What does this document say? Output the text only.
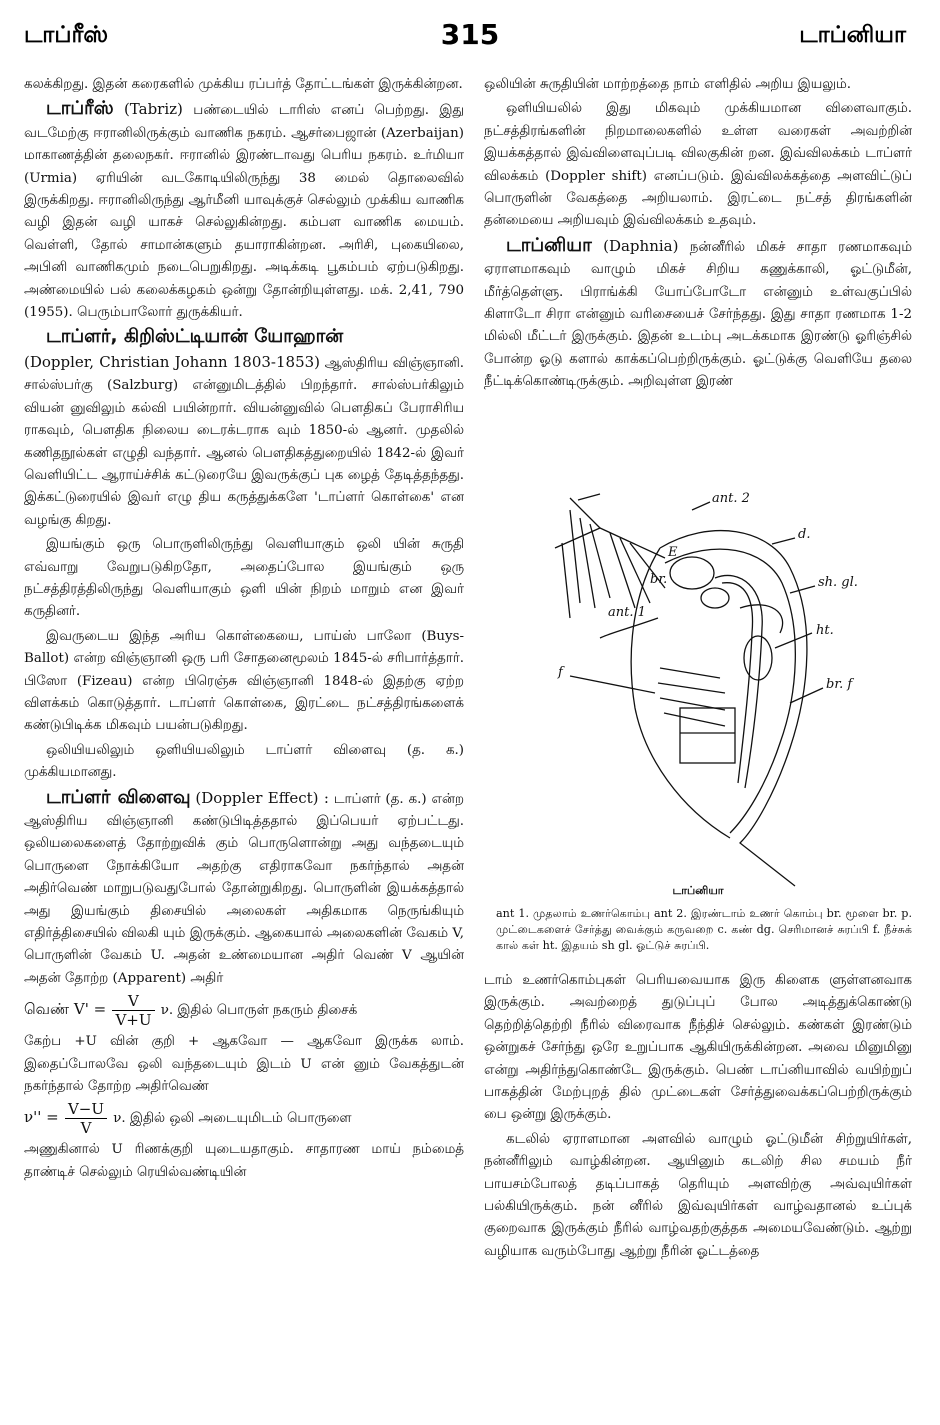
டாப்ரீஸ்	315	டாப்னியா

கலக்கிறது. இதன் கரைகளில் முக்கிய ரப்பர்த் தோட்டங்கள் இருக்கின்றன.

டாப்ரீஸ் (Tabriz) பண்டையில் டாரிஸ் எனப் பெற்றது. இது வடமேற்கு ஈரானிலிருக்கும் வாணிக நகரம். ஆசர்பைஜான் (Azerbaijan) மாகாணத்தின் தலைநகர். ஈரானில் இரண்டாவது பெரிய நகரம். உர்மியா (Urmia) ஏரியின் வடகோடியிலிருந்து 38 மைல் தொலைவில் இருக்கிறது. ஈரானிலிருந்து ஆர்மீனி யாவுக்குச் செல்லும் முக்கிய வாணிக வழி இதன் வழி யாகச் செல்லுகின்றது. கம்பள வாணிக மையம். வெள்ளி, தோல் சாமான்களும் தயாராகின்றன. அரிசி, புகையிலை, அபினி வாணிகமும் நடைபெறுகிறது. அடிக்கடி பூகம்பம் ஏற்படுகிறது. அண்மையில் பல் கலைக்கழகம் ஒன்று தோன்றியுள்ளது. மக். 2,41, 790 (1955). பெரும்பாலோர் துருக்கியர்.

டாப்ளர், கிறிஸ்ட்டியான் யோஹான்
(Doppler, Christian Johann 1803-1853) ஆஸ்திரிய விஞ்ஞானி. சால்ஸ்பர்கு (Salzburg) என்னுமிடத்தில் பிறந்தார். சால்ஸ்பர்கிலும் வியன் னுவிலும் கல்வி பயின்றார். வியன்னுவில் பௌதிகப் பேராசிரிய ராகவும், பௌதிக நிலைய டைரக்டராக வும் 1850-ல் ஆனர். முதலில் கணிதநூல்கள் எழுதி வந்தார். ஆனல் பௌதிகத்துறையில் 1842-ல் இவர் வெளியிட்ட ஆராய்ச்சிக் கட்டுரையே இவருக்குப் புக ழைத் தேடித்தந்தது. இக்கட்டுரையில் இவர் எழு திய கருத்துக்களே 'டாப்ளர் கொள்கை' என வழங்கு கிறது.

இயங்கும் ஒரு பொருளிலிருந்து வெளியாகும் ஒலி யின் சுருதி எவ்வாறு வேறுபடுகிறதோ, அதைப்போல இயங்கும் ஒரு நட்சத்திரத்திலிருந்து வெளியாகும் ஒளி யின் நிறம் மாறும் என இவர் கருதினர்.

இவருடைய இந்த அரிய கொள்கையை, பாய்ஸ் பாலோ (Buys-Ballot) என்ற விஞ்ஞானி ஒரு பரி சோதனைமூலம் 1845-ல் சரிபார்த்தார். பிஸோ (Fizeau) என்ற பிரெஞ்சு விஞ்ஞானி 1848-ல் இதற்கு ஏற்ற விளக்கம் கொடுத்தார். டாப்ளர் கொள்கை, இரட்டை நட்சத்திரங்களைக் கண்டுபிடிக்க மிகவும் பயன்படுகிறது.

ஒலியியலிலும் ஒளியியலிலும் டாப்ளர் விளைவு (த. க.) முக்கியமானது.

டாப்ளர் விளைவு (Doppler Effect) : டாப்ளர் (த. க.) என்ற ஆஸ்திரிய விஞ்ஞானி கண்டுபிடித்ததால் இப்பெயர் ஏற்பட்டது. ஒலியலைகளைத் தோற்றுவிக் கும் பொருளொன்று அது வந்தடையும் பொருளை நோக்கியோ அதற்கு எதிராகவோ நகர்ந்தால் அதன் அதிர்வெண் மாறுபடுவதுபோல் தோன்றுகிறது. பொருளின் இயக்கத்தால் அது இயங்கும் திசையில் அலைகள் அதிகமாக நெருங்கியும் எதிர்த்திசையில் விலகி யும் இருக்கும். ஆகையால் அலைகளின் வேகம் V, பொருளின் வேகம் U. அதன் உண்மையான அதிர் வெண் V ஆயின் அதன் தோற்ற (Apparent) அதிர்

வெண் $V' = \frac{V}{V+U} \nu$. இதில் பொருள் நகரும் திசைக்

கேற்ப +U வின் குறி + ஆகவோ — ஆகவோ இருக்க லாம். இதைப்போலவே ஒலி வந்தடையும் இடம் U என் னும் வேகத்துடன் நகர்ந்தால் தோற்ற அதிர்வெண்

$\nu'' = \frac{V-U}{V} \nu$. இதில் ஒலி அடையுமிடம் பொருளை

அணுகினால் U ரிணக்குறி யுடையதாகும். சாதாரண மாய் நம்மைத் தாண்டிச் செல்லும் ரெயில்வண்டியின்

ஒலியின் சுருதியின் மாற்றத்தை நாம் எளிதில் அறிய இயலும்.

ஒளியியலில் இது மிகவும் முக்கியமான விளைவாகும். நட்சத்திரங்களின் நிறமாலைகளில் உள்ள வரைகள் அவற்றின் இயக்கத்தால் இவ்விளைவுப்படி விலகுகின் றன. இவ்விலக்கம் டாப்ளர் விலக்கம் (Doppler shift) எனப்படும். இவ்விலக்கத்தை அளவிட்டுப் பொருளின் வேகத்தை அறியலாம். இரட்டை நட்சத் திரங்களின் தன்மையை அறியவும் இவ்விலக்கம் உதவும்.

டாப்னியா (Daphnia) நன்னீரில் மிகச் சாதா ரணமாகவும் ஏராளமாகவும் வாழும் மிகச் சிறிய கணுக்காலி, ஓட்டுமீன், மீர்த்தெள்ளு. பிராங்க்கி யோப்போடோ என்னும் உள்வகுப்பில் கிளாடோ சிரா என்னும் வரிசையைச் சேர்ந்தது. இது சாதா ரணமாக 1-2 மில்லி மீட்டர் இருக்கும். இதன் உடம்பு அடக்கமாக இரண்டு ஓரிஞ்சில் போன்ற ஓடு களால் காக்கப்பெற்றிருக்கும். ஓட்டுக்கு வெளியே தலை நீட்டிக்கொண்டிருக்கும். அறிவுள்ள இரண்

ant. 2
d.
E
br.
ant. 1
sh. gl.
ht.
f
br. f
டாப்னியா
ant 1. முதலாம் உணர்கொம்பு ant 2. இரண்டாம் உணர் கொம்பு br. மூளை br. p. முட்டைகளைச் சேர்த்து வைக்கும் கருவறை c. கண் dg. செரிமானச் சுரப்பி f. நீச்சுக் கால் கள் ht. இதயம் sh gl. ஓட்டுச் சுரப்பி.

டாம் உணர்கொம்புகள் பெரியவையாக இரு கிளைக ளுள்ளனவாக இருக்கும். அவற்றைத் துடுப்புப் போல அடித்துக்கொண்டு தெற்றித்தெற்றி நீரில் விரைவாக நீந்திச் செல்லும். கண்கள் இரண்டும் ஒன்றுகச் சேர்ந்து ஒரே உறுப்பாக ஆகியிருக்கின்றன. அவை மினுமினு என்று அதிர்ந்துகொண்டே இருக்கும். பெண் டாப்னியாவில் வயிற்றுப் பாகத்தின் மேற்புறத் தில் முட்டைகள் சேர்த்துவைக்கப்பெற்றிருக்கும் பை ஒன்று இருக்கும்.

கடலில் ஏராளமான அளவில் வாழும் ஓட்டுமீன் சிற்றுயிர்கள், நன்னீரிலும் வாழ்கின்றன. ஆயினும் கடலிற் சில சமயம் நீர் பாயசம்போலத் தடிப்பாகத் தெரியும் அளவிற்கு அவ்வுயிர்கள் பல்கியிருக்கும். நன் னீரில் இவ்வுயிர்கள் வாழ்வதானல் உப்புக் குறைவாக இருக்கும் நீரில் வாழ்வதற்குத்தக அமையவேண்டும். ஆற்று வழியாக வரும்போது ஆற்று நீரின் ஓட்டத்தை
